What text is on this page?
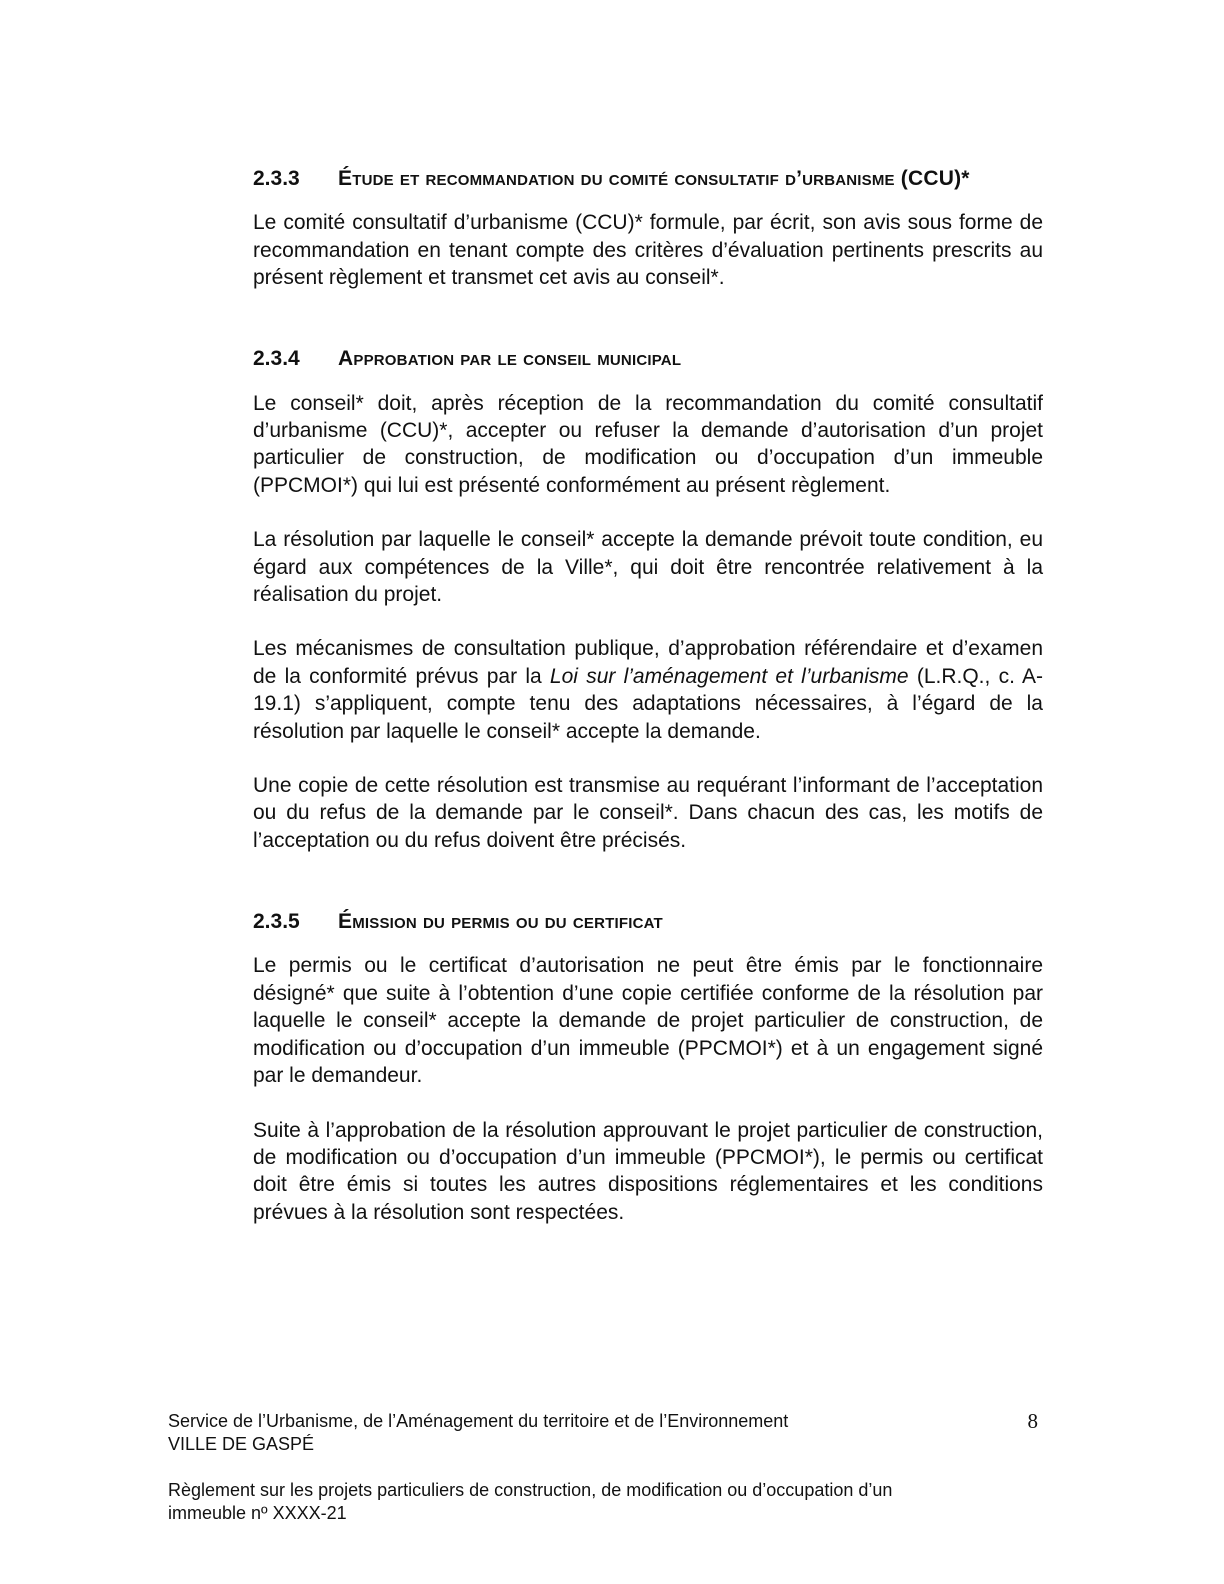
2.3.3	Étude et recommandation du comité consultatif d’urbanisme (CCU)*

Le comité consultatif d’urbanisme (CCU)* formule, par écrit, son avis sous forme de recommandation en tenant compte des critères d’évaluation pertinents prescrits au présent règlement et transmet cet avis au conseil*.

2.3.4	Approbation par le conseil municipal

Le conseil* doit, après réception de la recommandation du comité consultatif d’urbanisme (CCU)*, accepter ou refuser la demande d’autorisation d’un projet particulier de construction, de modification ou d’occupation d’un immeuble (PPCMOI*) qui lui est présenté conformément au présent règlement.

La résolution par laquelle le conseil* accepte la demande prévoit toute condition, eu égard aux compétences de la Ville*, qui doit être rencontrée relativement à la réalisation du projet.

Les mécanismes de consultation publique, d’approbation référendaire et d’examen de la conformité prévus par la Loi sur l’aménagement et l’urbanisme (L.R.Q., c. A-19.1) s’appliquent, compte tenu des adaptations nécessaires, à l’égard de la résolution par laquelle le conseil* accepte la demande.

Une copie de cette résolution est transmise au requérant l’informant de l’acceptation ou du refus de la demande par le conseil*. Dans chacun des cas, les motifs de l’acceptation ou du refus doivent être précisés.

2.3.5	Émission du permis ou du certificat

Le permis ou le certificat d’autorisation ne peut être émis par le fonctionnaire désigné* que suite à l’obtention d’une copie certifiée conforme de la résolution par laquelle le conseil* accepte la demande de projet particulier de construction, de modification ou d’occupation d’un immeuble (PPCMOI*) et à un engagement signé par le demandeur.

Suite à l’approbation de la résolution approuvant le projet particulier de construction, de modification ou d’occupation d’un immeuble (PPCMOI*), le permis ou certificat doit être émis si toutes les autres dispositions réglementaires et les conditions prévues à la résolution sont respectées.

Service de l’Urbanisme, de l’Aménagement du territoire et de l’Environnement	8
VILLE DE GASPÉ
Règlement sur les projets particuliers de construction, de modification ou d’occupation d’un
immeuble nº XXXX-21
